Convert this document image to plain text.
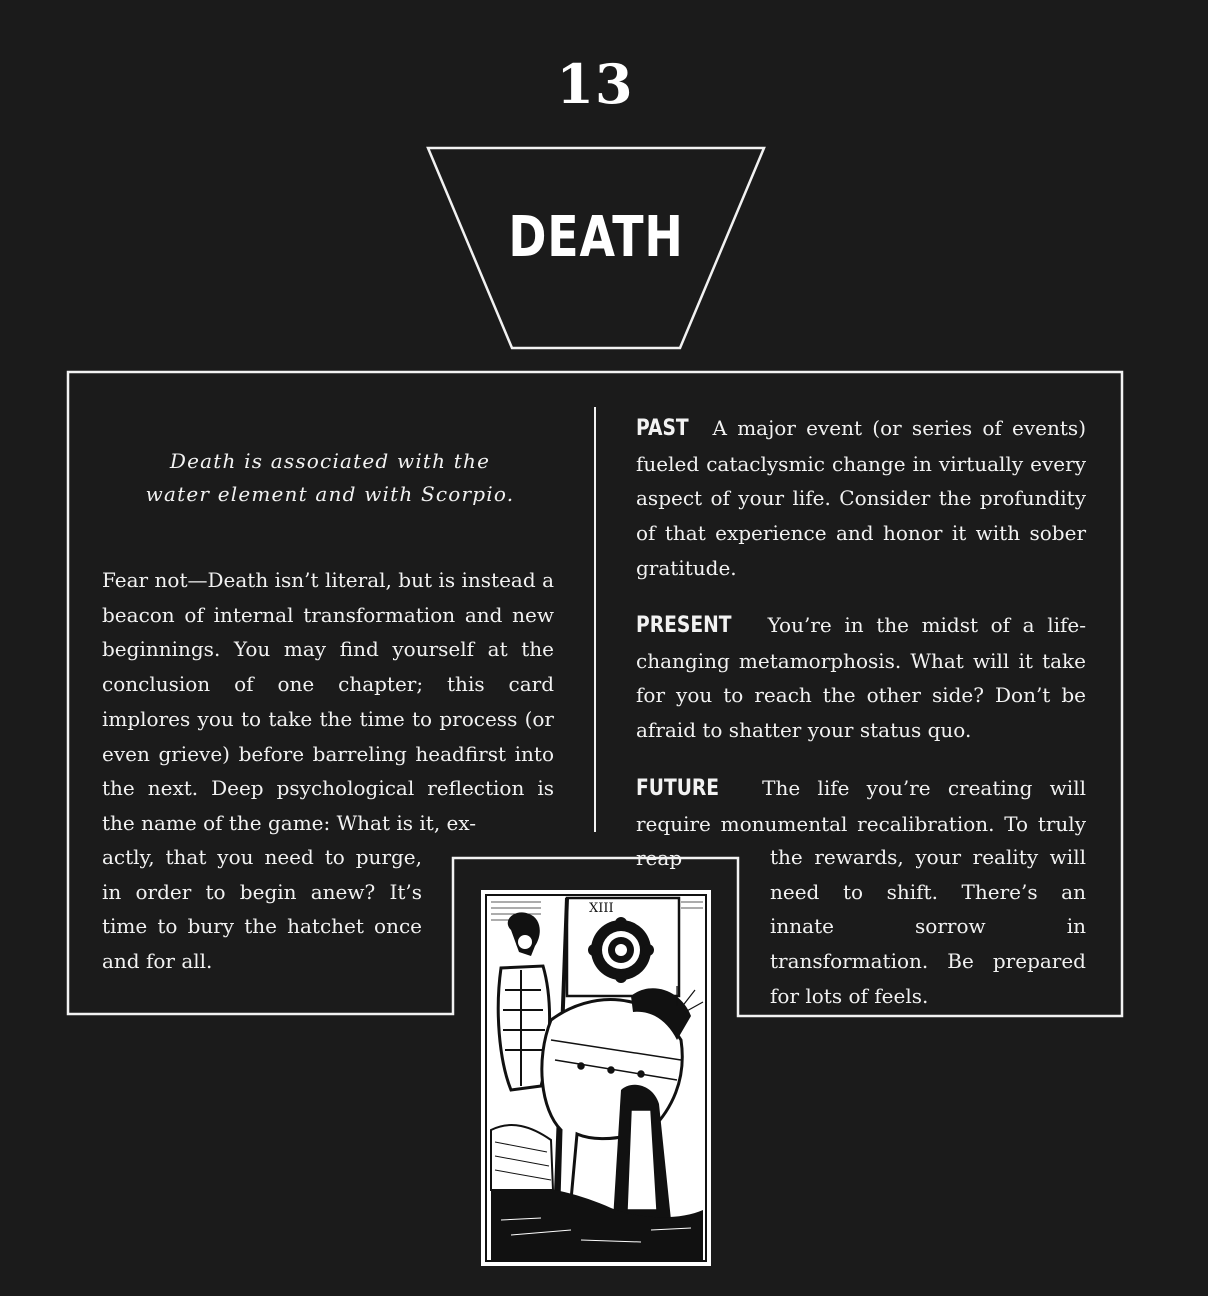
13
DEATH
Death is associated with the
water element and with Scorpio.
Fear not—Death isn’t literal, but is instead a beacon of internal transformation and new beginnings. You may find yourself at the conclusion of one chapter; this card implores you to take the time to process (or even grieve) before barreling headfirst into the next. Deep psychological reflection is the name of the game: What is it, ex-
actly, that you need to purge, in order to begin anew? It’s time to bury the hatchet once and for all.
PAST A major event (or series of events) fueled cataclysmic change in virtually every aspect of your life. Consider the profundity of that experience and honor it with sober gratitude.
PRESENT You’re in the midst of a life-changing metamorphosis. What will it take for you to reach the other side? Don’t be afraid to shatter your status quo.
FUTURE The life you’re creating will require monumental recalibration. To truly reap	the rewards, your reality will need to shift. There’s an innate sorrow in transformation. Be prepared for lots of feels.
XIII
